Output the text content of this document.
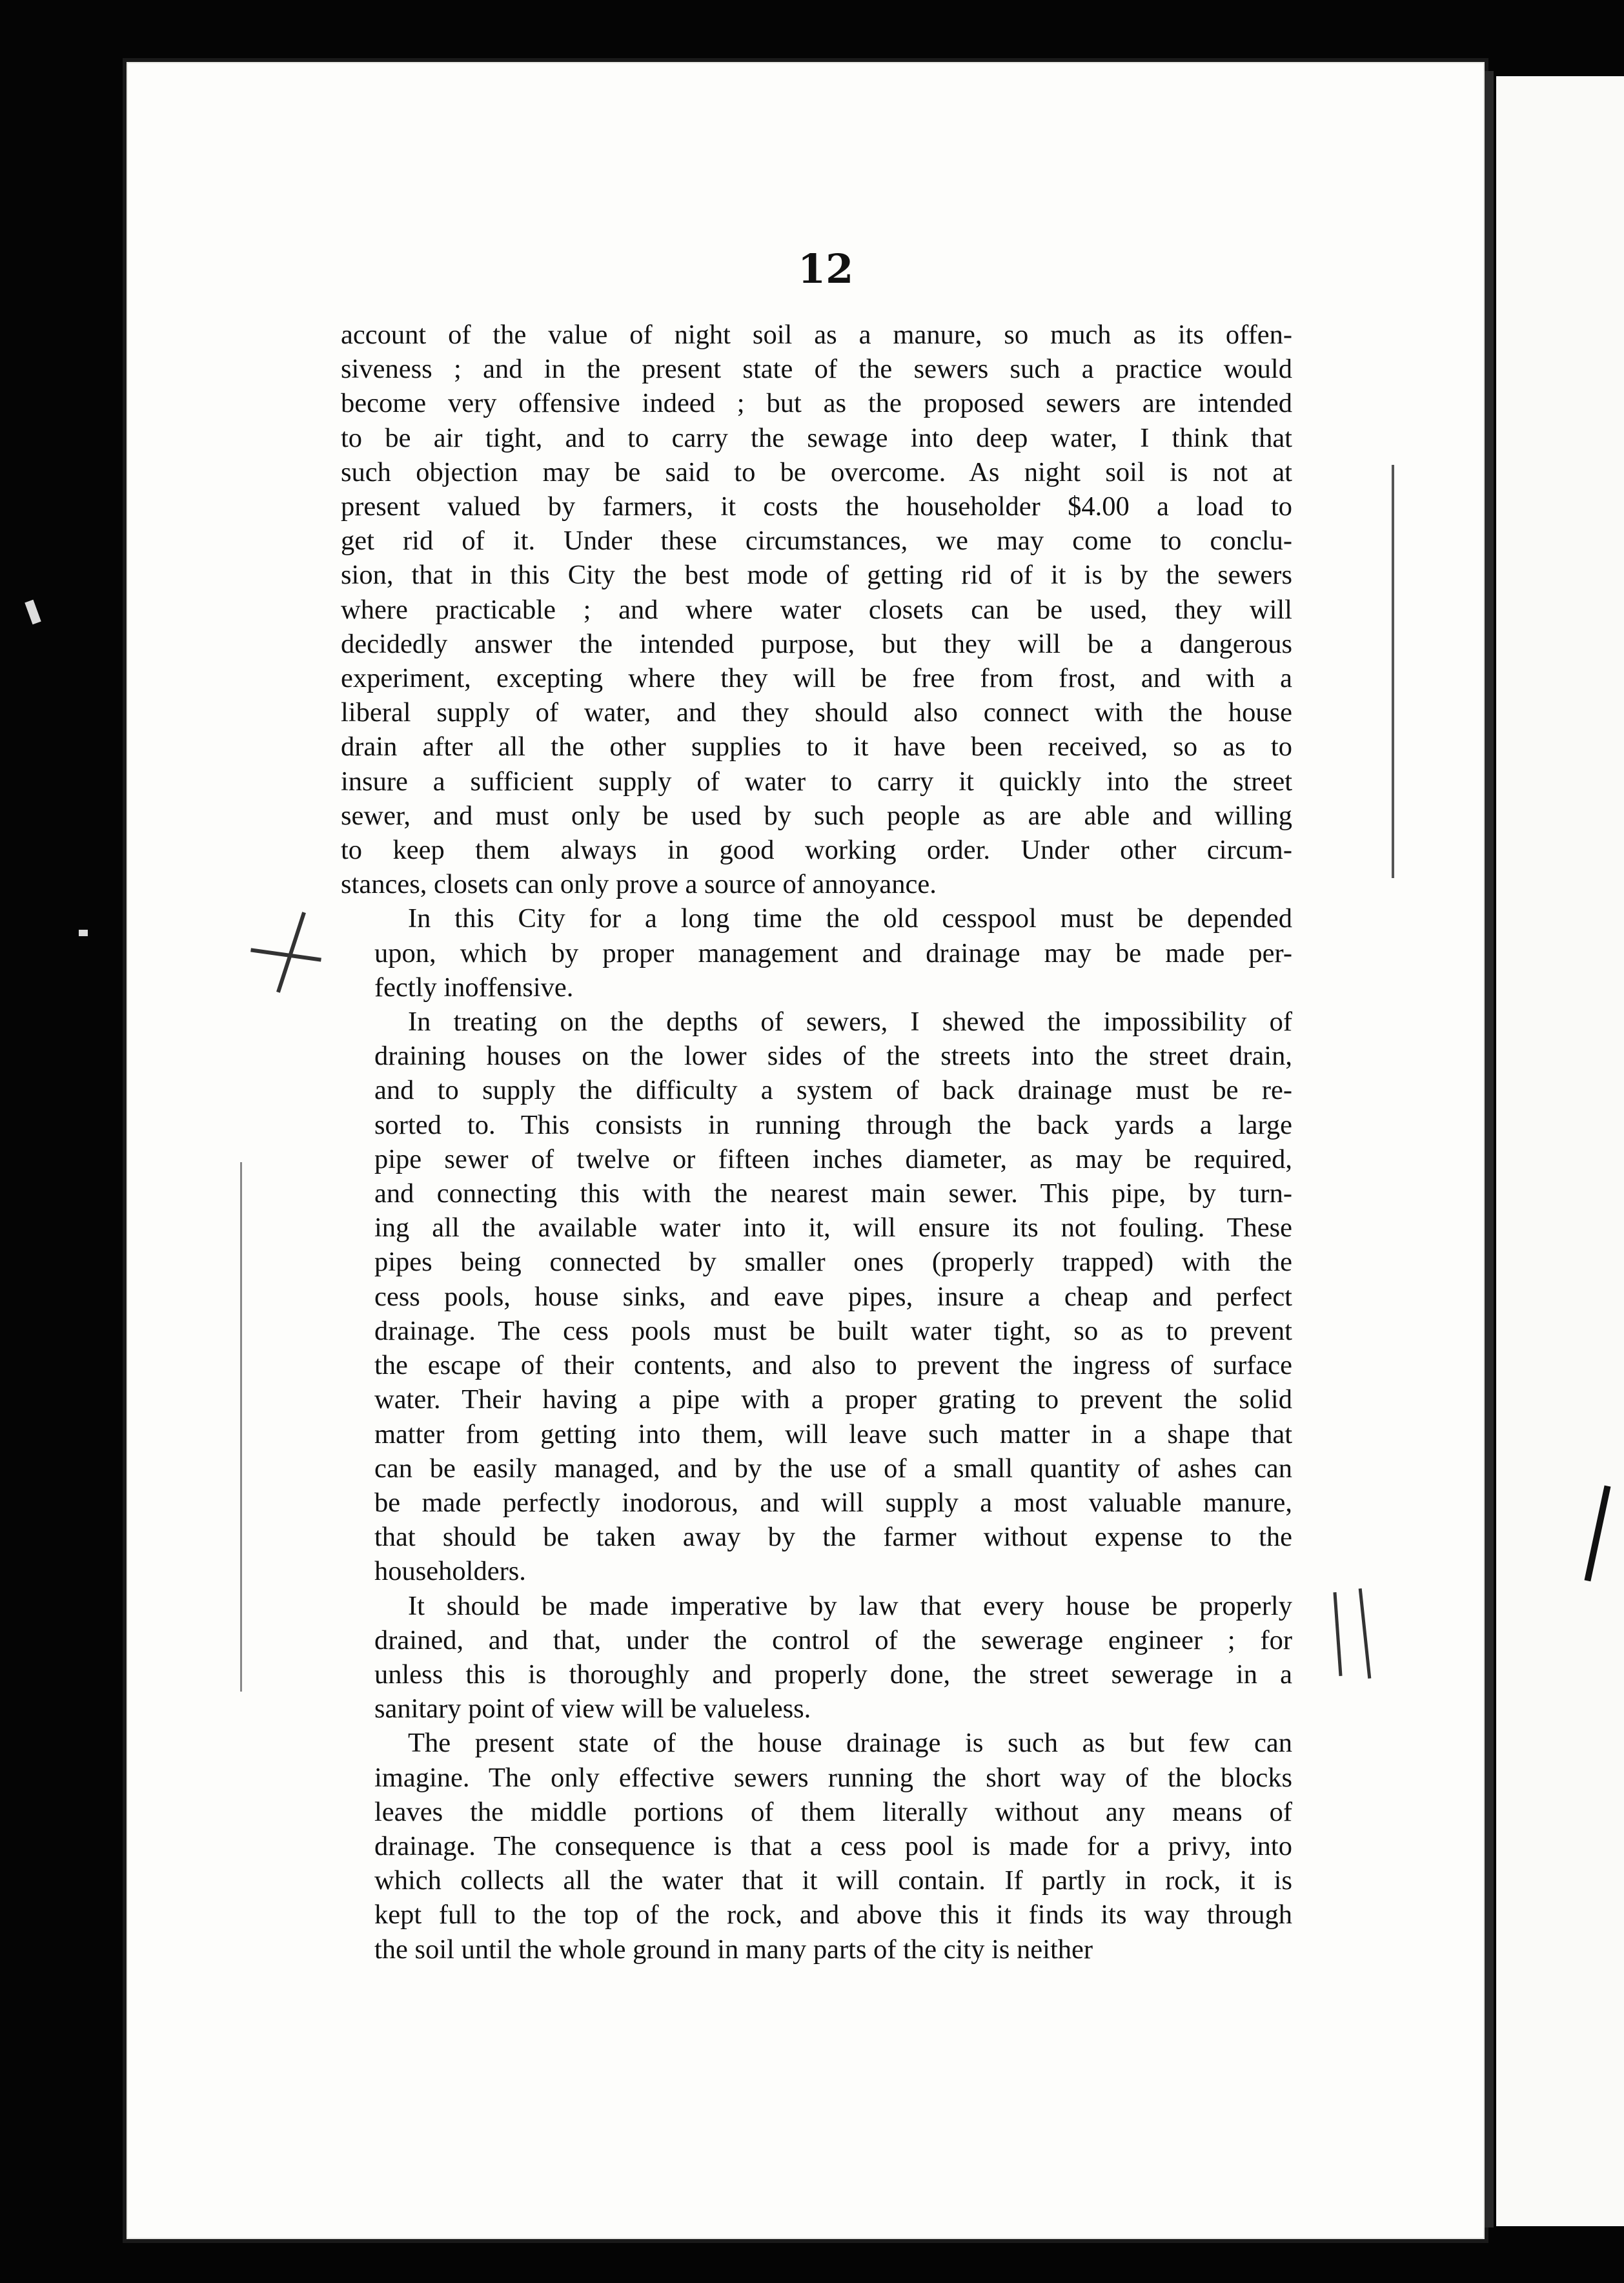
12
account of the value of night soil as a manure, so much as its offen-
siveness ; and in the present state of the sewers such a practice would
become very offensive indeed ; but as the proposed sewers are intended
to be air tight, and to carry the sewage into deep water, I think that
such objection may be said to be overcome. As night soil is not at
present valued by farmers, it costs the householder $4.00 a load to
get rid of it. Under these circumstances, we may come to conclu-
sion, that in this City the best mode of getting rid of it is by the sewers
where practicable ; and where water closets can be used, they will
decidedly answer the intended purpose, but they will be a dangerous
experiment, excepting where they will be free from frost, and with a
liberal supply of water, and they should also connect with the house
drain after all the other supplies to it have been received, so as to
insure a sufficient supply of water to carry it quickly into the street
sewer, and must only be used by such people as are able and willing
to keep them always in good working order. Under other circum-
stances, closets can only prove a source of annoyance.
In this City for a long time the old cesspool must be depended
upon, which by proper management and drainage may be made per-
fectly inoffensive.
In treating on the depths of sewers, I shewed the impossibility of
draining houses on the lower sides of the streets into the street drain,
and to supply the difficulty a system of back drainage must be re-
sorted to. This consists in running through the back yards a large
pipe sewer of twelve or fifteen inches diameter, as may be required,
and connecting this with the nearest main sewer. This pipe, by turn-
ing all the available water into it, will ensure its not fouling. These
pipes being connected by smaller ones (properly trapped) with the
cess pools, house sinks, and eave pipes, insure a cheap and perfect
drainage. The cess pools must be built water tight, so as to prevent
the escape of their contents, and also to prevent the ingress of surface
water. Their having a pipe with a proper grating to prevent the solid
matter from getting into them, will leave such matter in a shape that
can be easily managed, and by the use of a small quantity of ashes can
be made perfectly inodorous, and will supply a most valuable manure,
that should be taken away by the farmer without expense to the
householders.
It should be made imperative by law that every house be properly
drained, and that, under the control of the sewerage engineer ; for
unless this is thoroughly and properly done, the street sewerage in a
sanitary point of view will be valueless.
The present state of the house drainage is such as but few can
imagine. The only effective sewers running the short way of the blocks
leaves the middle portions of them literally without any means of
drainage. The consequence is that a cess pool is made for a privy, into
which collects all the water that it will contain. If partly in rock, it is
kept full to the top of the rock, and above this it finds its way through
the soil until the whole ground in many parts of the city is neither
